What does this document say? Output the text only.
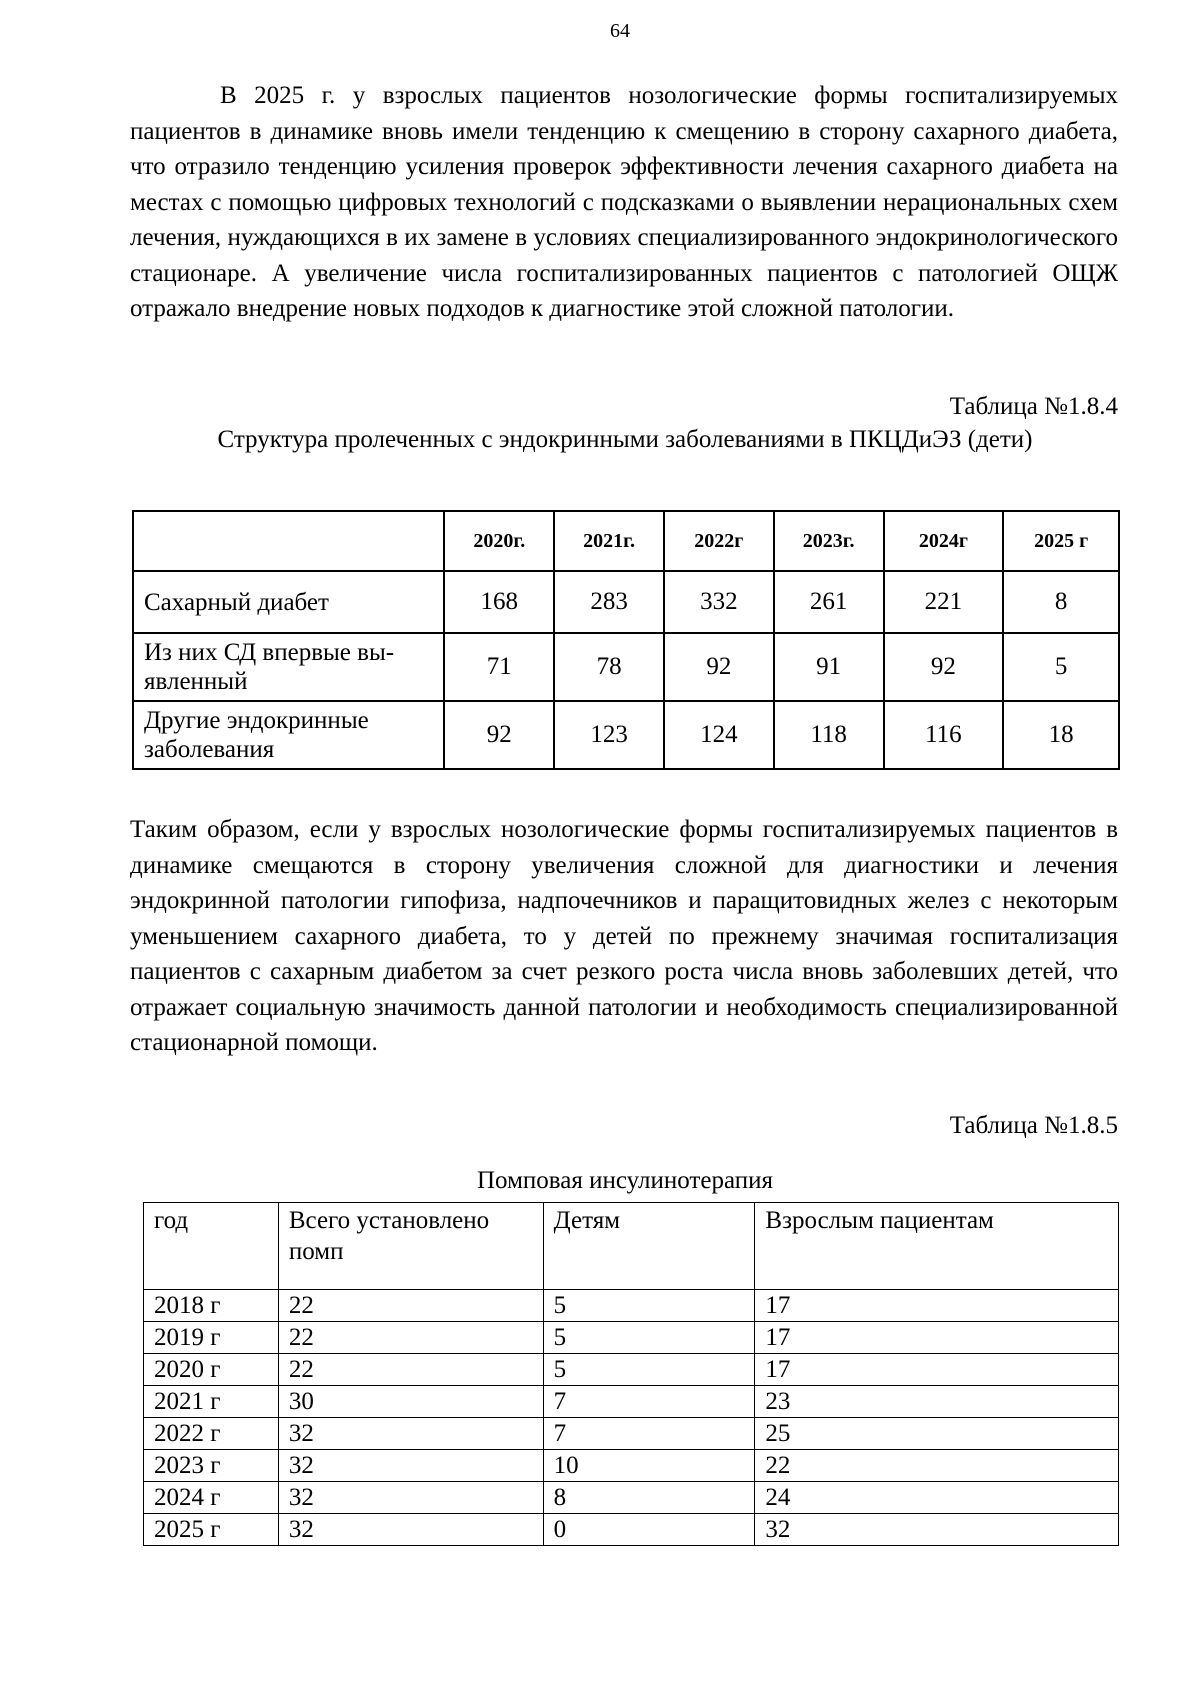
64

В 2025 г. у взрослых пациентов нозологические формы госпитализируемых пациентов в динамике вновь имели тенденцию к смещению в сторону сахарного диабета, что отразило тенденцию усиления проверок эффективности лечения сахарного диабета на местах с помощью цифровых технологий с подсказками о выявлении нерациональных схем лечения, нуждающихся в их замене в условиях специализированного эндокринологического стационаре. А увеличение числа госпитализированных пациентов с патологией ОЩЖ отражало внедрение новых подходов к диагностике этой сложной патологии.

Таблица №1.8.4
Структура пролеченных с эндокринными заболеваниями в ПКЦДиЭЗ (дети)
	2020г.	2021г.	2022г	2023г.	2024г	2025 г
Сахарный диабет	168	283	332	261	221	8
Из них СД впервые вы-явленный	71	78	92	91	92	5
Другие эндокринные заболевания	92	123	124	118	116	18

Таким образом, если у взрослых нозологические формы госпитализируемых пациентов в динамике смещаются в сторону увеличения сложной для диагностики и лечения эндокринной патологии гипофиза, надпочечников и паращитовидных желез с некоторым уменьшением сахарного диабета, то у детей по прежнему значимая госпитализация пациентов с сахарным диабетом за счет резкого роста числа вновь заболевших детей, что отражает социальную значимость данной патологии и необходимость специализированной стационарной помощи.

Таблица №1.8.5
Помповая инсулинотерапия
год	Всего установлено помп	Детям	Взрослым пациентам
2018 г	22	5	17
2019 г	22	5	17
2020 г	22	5	17
2021 г	30	7	23
2022 г	32	7	25
2023 г	32	10	22
2024 г	32	8	24
2025 г	32	0	32
